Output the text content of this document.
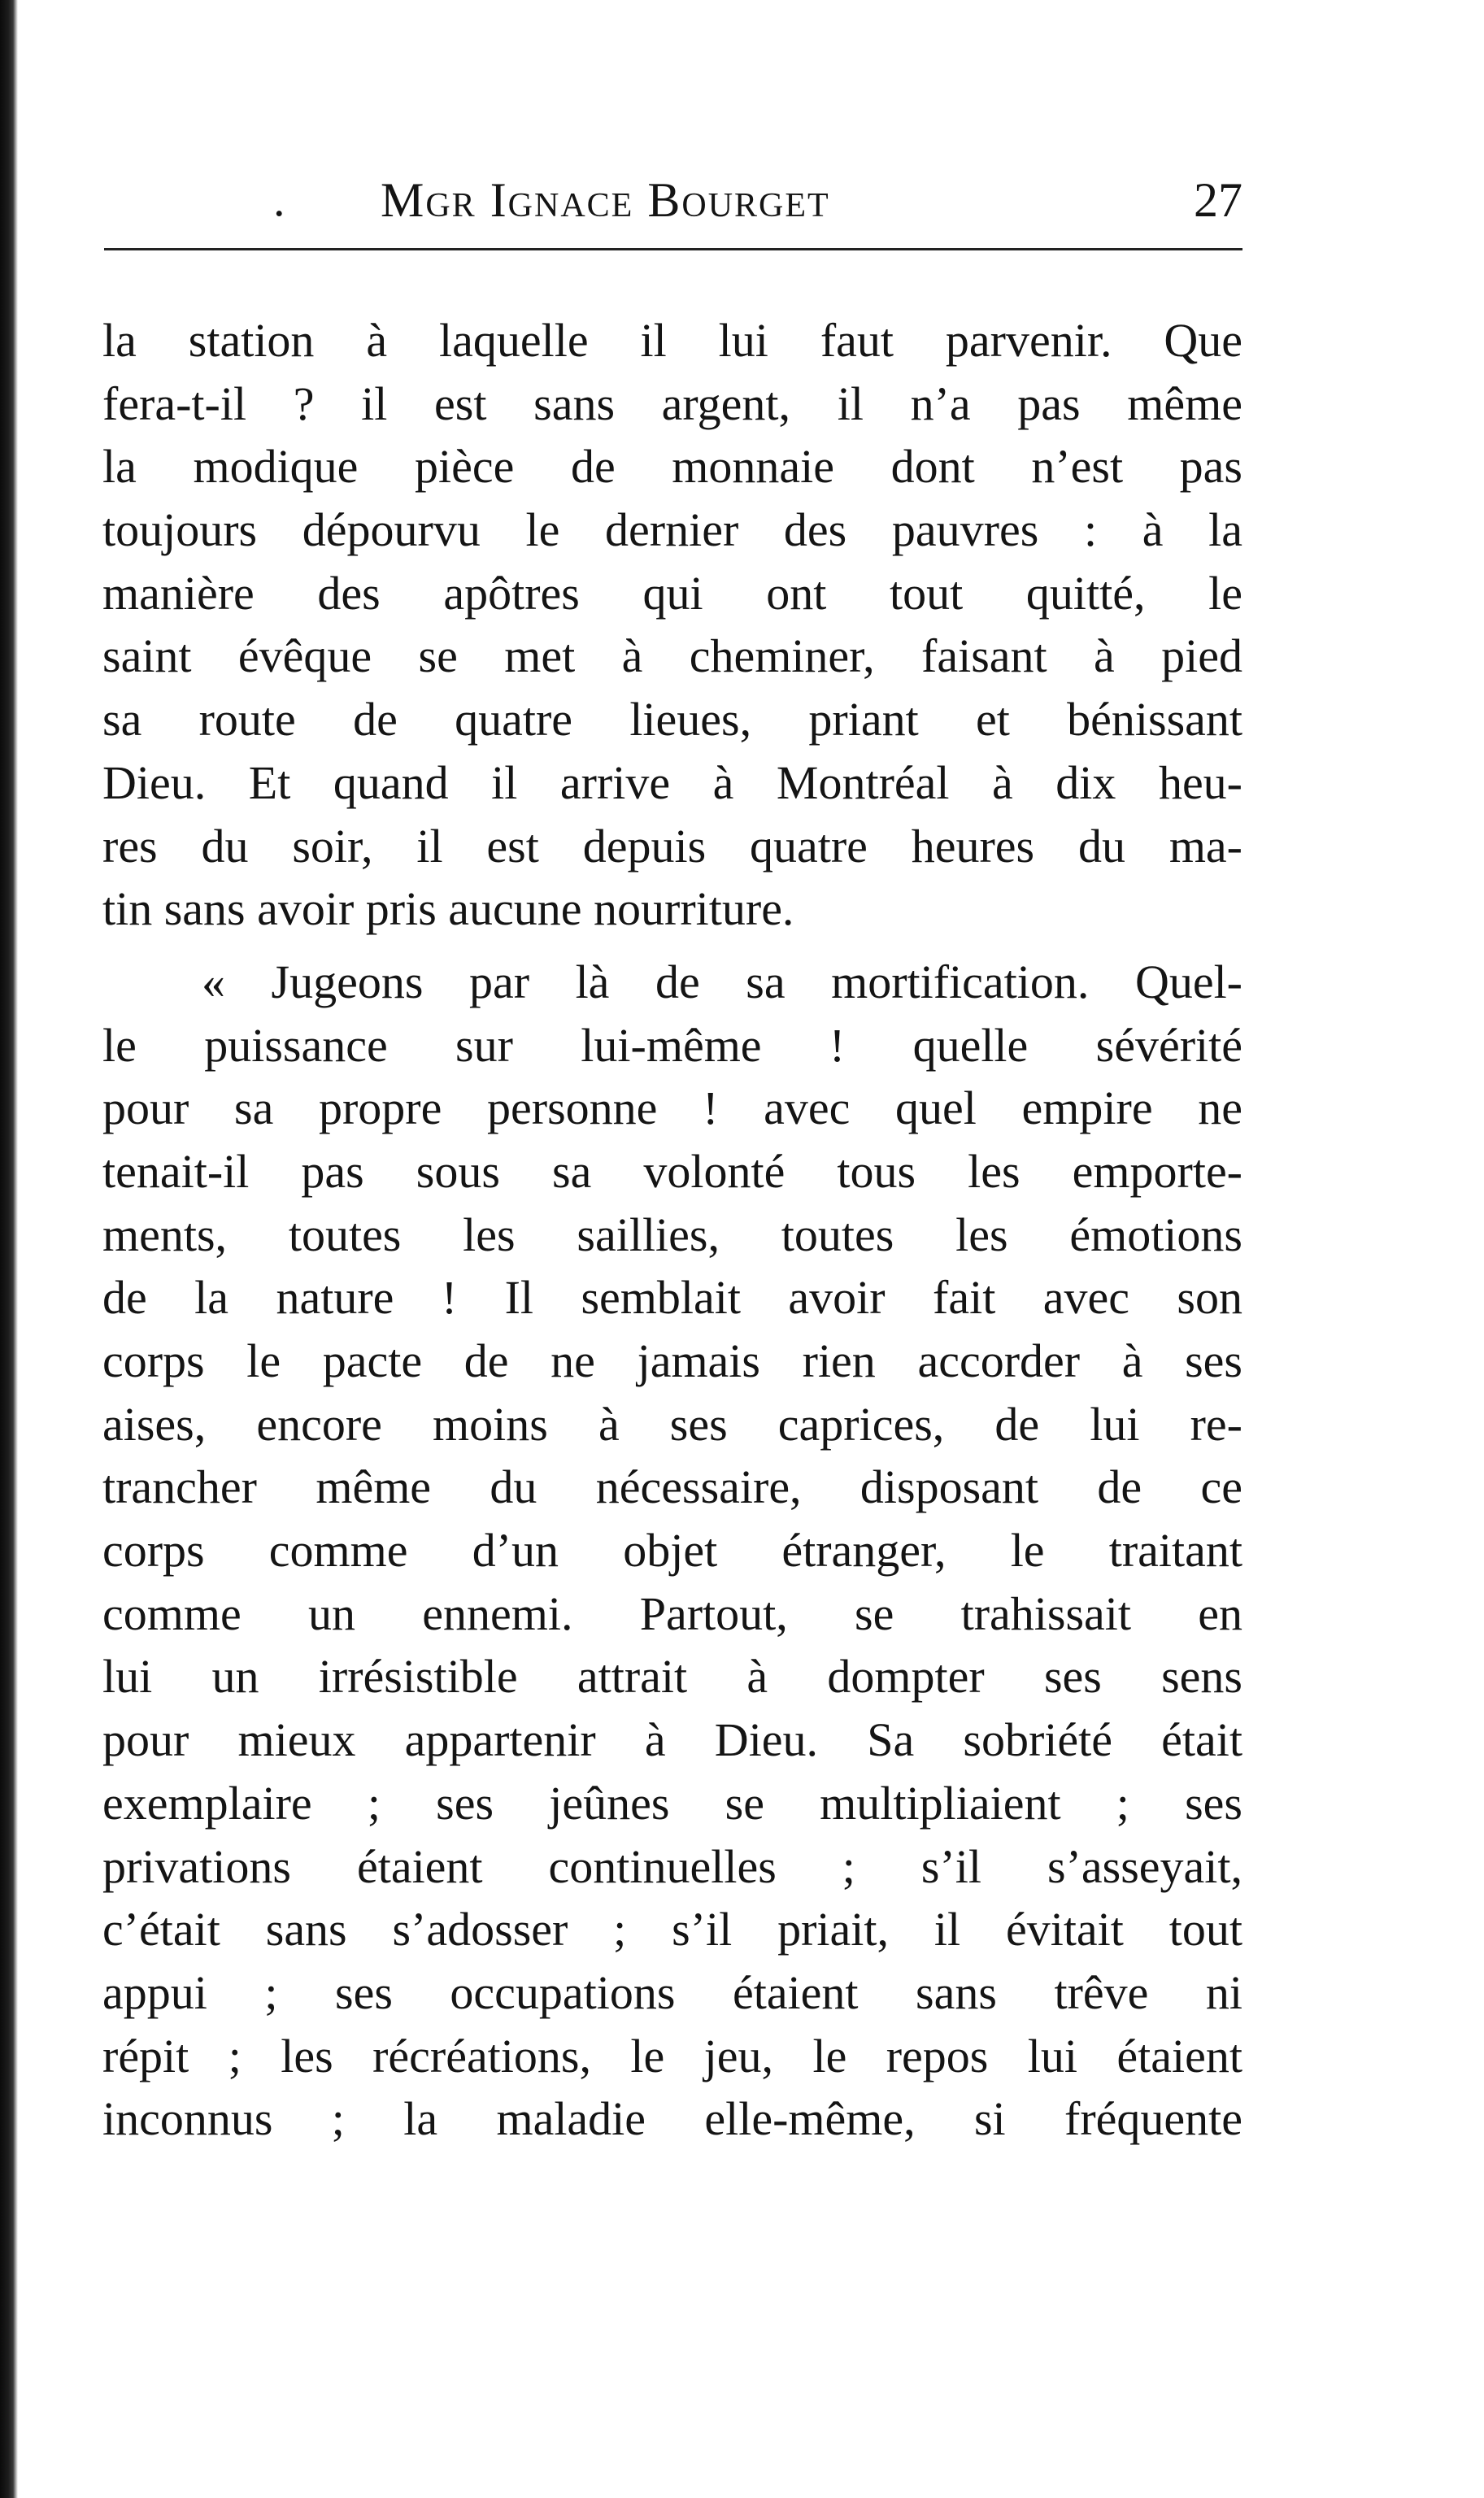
. Mgr Ignace Bourget	27
la station à laquelle il lui faut parvenir. Que
fera-t-il ? il est sans argent, il n’a pas même
la modique pièce de monnaie dont n’est pas
toujours dépourvu le dernier des pauvres : à la
manière des apôtres qui ont tout quitté, le
saint évêque se met à cheminer, faisant à pied
sa route de quatre lieues, priant et bénissant
Dieu. Et quand il arrive à Montréal à dix heu-
res du soir, il est depuis quatre heures du ma-
tin sans avoir pris aucune nourriture.
« Jugeons par là de sa mortification. Quel-
le puissance sur lui-même ! quelle sévérité
pour sa propre personne ! avec quel empire ne
tenait-il pas sous sa volonté tous les emporte-
ments, toutes les saillies, toutes les émotions
de la nature ! Il semblait avoir fait avec son
corps le pacte de ne jamais rien accorder à ses
aises, encore moins à ses caprices, de lui re-
trancher même du nécessaire, disposant de ce
corps comme d’un objet étranger, le traitant
comme un ennemi. Partout, se trahissait en
lui un irrésistible attrait à dompter ses sens
pour mieux appartenir à Dieu. Sa sobriété était
exemplaire ; ses jeûnes se multipliaient ; ses
privations étaient continuelles ; s’il s’asseyait,
c’était sans s’adosser ; s’il priait, il évitait tout
appui ; ses occupations étaient sans trêve ni
répit ; les récréations, le jeu, le repos lui étaient
inconnus ; la maladie elle-même, si fréquente
